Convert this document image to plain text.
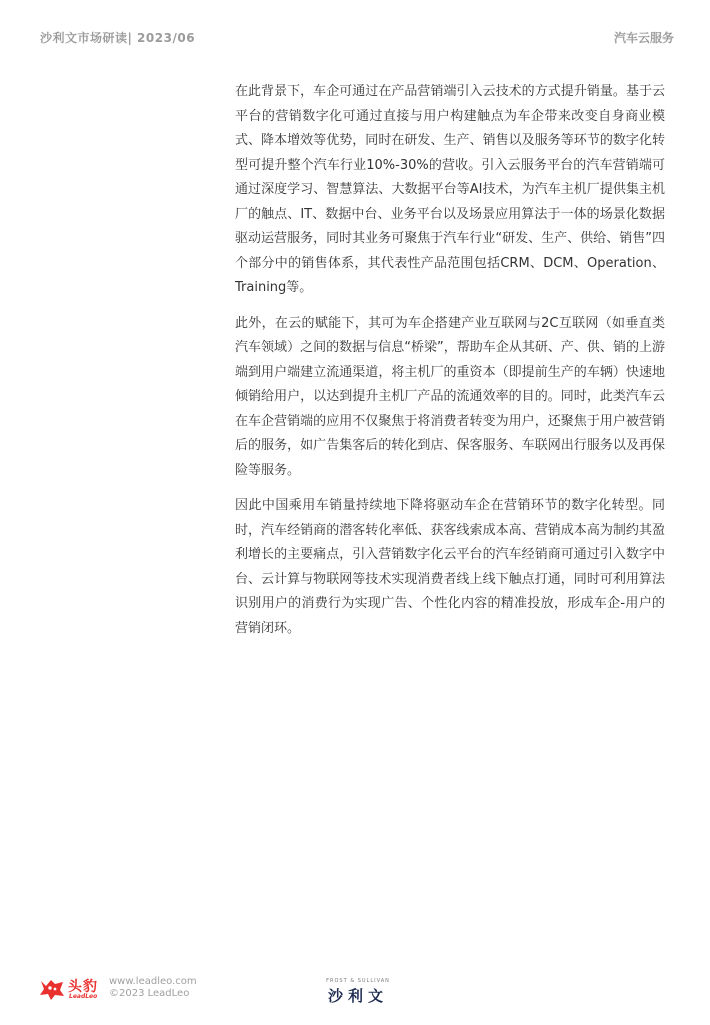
沙利文市场研读| 2023/06	汽车云服务

在此背景下，车企可通过在产品营销端引入云技术的方式提升销量。基于云平台的营销数字化可通过直接与用户构建触点为车企带来改变自身商业模式、降本增效等优势，同时在研发、生产、销售以及服务等环节的数字化转型可提升整个汽车行业10%-30%的营收。引入云服务平台的汽车营销端可通过深度学习、智慧算法、大数据平台等AI技术，为汽车主机厂提供集主机厂的触点、IT、数据中台、业务平台以及场景应用算法于一体的场景化数据驱动运营服务，同时其业务可聚焦于汽车行业“研发、生产、供给、销售”四个部分中的销售体系，其代表性产品范围包括CRM、DCM、Operation、Training等。

此外，在云的赋能下，其可为车企搭建产业互联网与2C互联网（如垂直类汽车领域）之间的数据与信息“桥梁”，帮助车企从其研、产、供、销的上游端到用户端建立流通渠道，将主机厂的重资本（即提前生产的车辆）快速地倾销给用户，以达到提升主机厂产品的流通效率的目的。同时，此类汽车云在车企营销端的应用不仅聚焦于将消费者转变为用户，还聚焦于用户被营销后的服务，如广告集客后的转化到店、保客服务、车联网出行服务以及再保险等服务。

因此中国乘用车销量持续地下降将驱动车企在营销环节的数字化转型。同时，汽车经销商的潜客转化率低、获客线索成本高、营销成本高为制约其盈利增长的主要痛点，引入营销数字化云平台的汽车经销商可通过引入数字中台、云计算与物联网等技术实现消费者线上线下触点打通，同时可利用算法识别用户的消费行为实现广告、个性化内容的精准投放，形成车企-用户的营销闭环。

头豹
LeadLeo
www.leadleo.com
©2023 LeadLeo
FROST & SULLIVAN
沙利文
